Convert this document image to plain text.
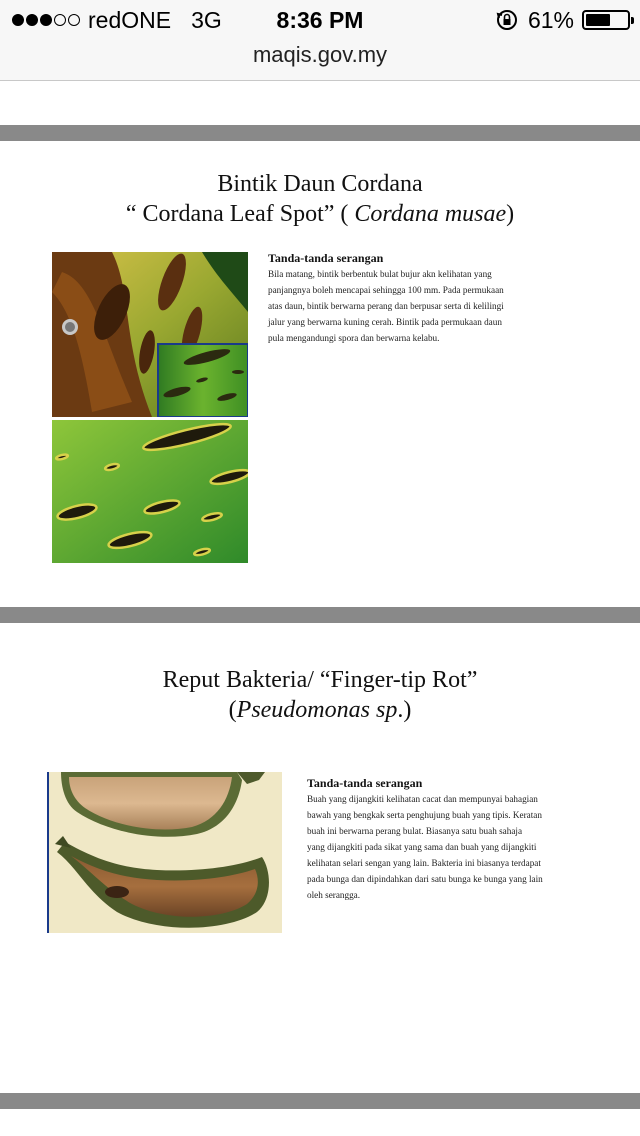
redONE 3G	8:36 PM	61%
maqis.gov.my
Bintik Daun Cordana
“ Cordana Leaf Spot” ( Cordana musae)
Tanda-tanda serangan
Bila matang, bintik berbentuk bulat bujur akn kelihatan yang
panjangnya boleh mencapai sehingga 100 mm. Pada permukaan
atas daun, bintik berwarna perang dan berpusar serta di kelilingi
jalur yang berwarna kuning cerah. Bintik pada permukaan daun
pula mengandungi spora dan berwarna kelabu.
Reput Bakteria/ “Finger-tip Rot”
(Pseudomonas sp.)
Tanda-tanda serangan
Buah yang dijangkiti kelihatan cacat dan mempunyai bahagian
bawah yang bengkak serta penghujung buah yang tipis. Keratan
buah ini berwarna perang bulat. Biasanya satu buah sahaja
yang dijangkiti pada sikat yang sama dan buah yang dijangkiti
kelihatan selari sengan yang lain. Bakteria ini biasanya terdapat
pada bunga dan dipindahkan dari satu bunga ke bunga yang lain
oleh serangga.
